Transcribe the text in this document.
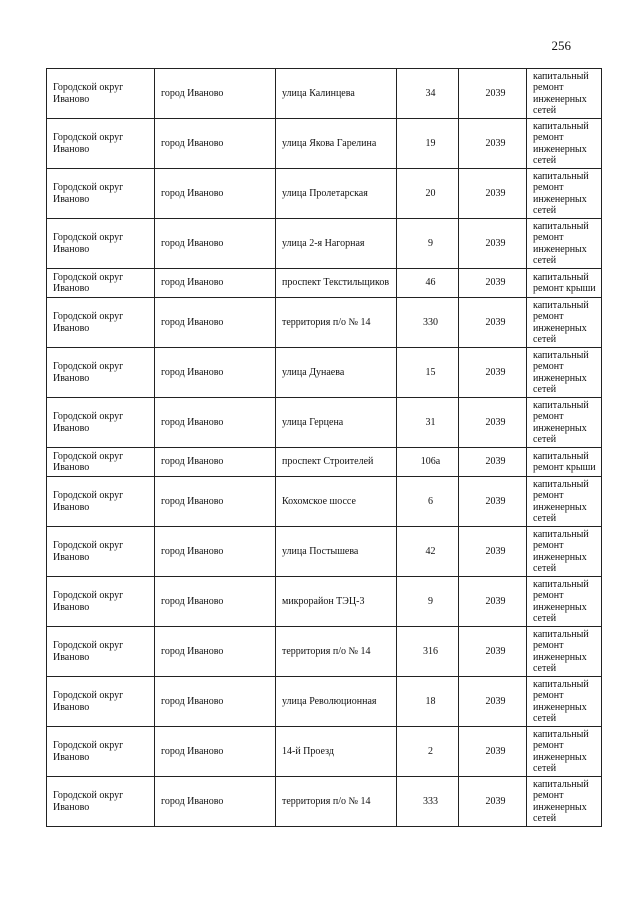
256
Городской округ Иваново	город Иваново	улица Калинцева	34	2039	капитальный ремонт инженерных сетей
Городской округ Иваново	город Иваново	улица Якова Гарелина	19	2039	капитальный ремонт инженерных сетей
Городской округ Иваново	город Иваново	улица Пролетарская	20	2039	капитальный ремонт инженерных сетей
Городской округ Иваново	город Иваново	улица 2-я Нагорная	9	2039	капитальный ремонт инженерных сетей
Городской округ Иваново	город Иваново	проспект Текстильщиков	46	2039	капитальный ремонт крыши
Городской округ Иваново	город Иваново	территория п/о № 14	330	2039	капитальный ремонт инженерных сетей
Городской округ Иваново	город Иваново	улица Дунаева	15	2039	капитальный ремонт инженерных сетей
Городской округ Иваново	город Иваново	улица Герцена	31	2039	капитальный ремонт инженерных сетей
Городской округ Иваново	город Иваново	проспект Строителей	106а	2039	капитальный ремонт крыши
Городской округ Иваново	город Иваново	Кохомское шоссе	6	2039	капитальный ремонт инженерных сетей
Городской округ Иваново	город Иваново	улица Постышева	42	2039	капитальный ремонт инженерных сетей
Городской округ Иваново	город Иваново	микрорайон ТЭЦ-3	9	2039	капитальный ремонт инженерных сетей
Городской округ Иваново	город Иваново	территория п/о № 14	316	2039	капитальный ремонт инженерных сетей
Городской округ Иваново	город Иваново	улица Революционная	18	2039	капитальный ремонт инженерных сетей
Городской округ Иваново	город Иваново	14-й Проезд	2	2039	капитальный ремонт инженерных сетей
Городской округ Иваново	город Иваново	территория п/о № 14	333	2039	капитальный ремонт инженерных сетей
